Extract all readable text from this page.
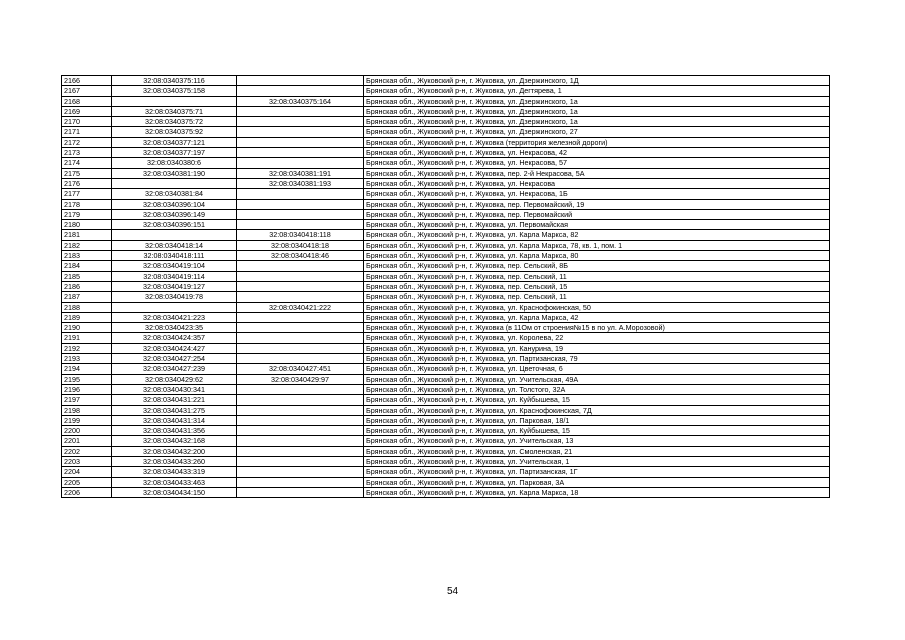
2166	32:08:0340375:116		Брянская обл., Жуковский р-н, г. Жуковка, ул. Дзержинского, 1Д
2167	32:08:0340375:158		Брянская обл., Жуковский р-н, г. Жуковка, ул. Дегтярева, 1
2168		32:08:0340375:164	Брянская обл., Жуковский р-н, г. Жуковка, ул. Дзержинского, 1а
2169	32:08:0340375:71		Брянская обл., Жуковский р-н, г. Жуковка, ул. Дзержинского, 1а
2170	32:08:0340375:72		Брянская обл., Жуковский р-н, г. Жуковка, ул. Дзержинского, 1а
2171	32:08:0340375:92		Брянская обл., Жуковский р-н, г. Жуковка, ул. Дзержинского, 27
2172	32:08:0340377:121		Брянская обл., Жуковский р-н, г. Жуковка (территория железной дороги)
2173	32:08:0340377:197		Брянская обл., Жуковский р-н, г. Жуковка, ул. Некрасова, 42
2174	32:08:0340380:6		Брянская обл., Жуковский р-н, г. Жуковка, ул. Некрасова, 57
2175	32:08:0340381:190	32:08:0340381:191	Брянская обл., Жуковский р-н, г. Жуковка, пер. 2-й Некрасова, 5А
2176		32:08:0340381:193	Брянская обл., Жуковский р-н, г. Жуковка, ул. Некрасова
2177	32:08:0340381:84		Брянская обл., Жуковский р-н, г. Жуковка, ул. Некрасова, 1Б
2178	32:08:0340396:104		Брянская обл., Жуковский р-н, г. Жуковка, пер. Первомайский, 19
2179	32:08:0340396:149		Брянская обл., Жуковский р-н, г. Жуковка, пер. Первомайский
2180	32:08:0340396:151		Брянская обл., Жуковский р-н, г. Жуковка, ул. Первомайская
2181		32:08:0340418:118	Брянская обл., Жуковский р-н, г. Жуковка, ул. Карла Маркса, 82
2182	32:08:0340418:14	32:08:0340418:18	Брянская обл., Жуковский р-н, г. Жуковка, ул. Карла Маркса, 78, кв. 1, пом. 1
2183	32:08:0340418:111	32:08:0340418:46	Брянская обл., Жуковский р-н, г. Жуковка, ул. Карла Маркса, 80
2184	32:08:0340419:104		Брянская обл., Жуковский р-н, г. Жуковка, пер. Сельский, 8Б
2185	32:08:0340419:114		Брянская обл., Жуковский р-н, г. Жуковка, пер. Сельский, 11
2186	32:08:0340419:127		Брянская обл., Жуковский р-н, г. Жуковка, пер. Сельский, 15
2187	32:08:0340419:78		Брянская обл., Жуковский р-н, г. Жуковка, пер. Сельский, 11
2188		32:08:0340421:222	Брянская обл., Жуковский р-н, г. Жуковка, ул. Краснофокинская, 50
2189	32:08:0340421:223		Брянская обл., Жуковский р-н, г. Жуковка, ул. Карла Маркса, 42
2190	32:08:0340423:35		Брянская обл., Жуковский р-н, г. Жуковка (в 11Ом от строения№15 в по ул. А.Морозовой)
2191	32:08:0340424:357		Брянская обл., Жуковский р-н, г. Жуковка, ул. Королева, 22
2192	32:08:0340424:427		Брянская обл., Жуковский р-н, г. Жуковка, ул. Канурина, 19
2193	32:08:0340427:254		Брянская обл., Жуковский р-н, г. Жуковка, ул. Партизанская, 79
2194	32:08:0340427:239	32:08:0340427:451	Брянская обл., Жуковский р-н, г. Жуковка, ул. Цветочная, 6
2195	32:08:0340429:62	32:08:0340429:97	Брянская обл., Жуковский р-н, г. Жуковка, ул. Учительская, 49А
2196	32:08:0340430:341		Брянская обл., Жуковский р-н, г. Жуковка, ул. Толстого, 32А
2197	32:08:0340431:221		Брянская обл., Жуковский р-н, г. Жуковка, ул. Куйбышева, 15
2198	32:08:0340431:275		Брянская обл., Жуковский р-н, г. Жуковка, ул. Краснофокинская, 7Д
2199	32:08:0340431:314		Брянская обл., Жуковский р-н, г. Жуковка, ул. Парковая, 18/1
2200	32:08:0340431:356		Брянская обл., Жуковский р-н, г. Жуковка, ул. Куйбышева, 15
2201	32:08:0340432:168		Брянская обл., Жуковский р-н, г. Жуковка, ул. Учительская, 13
2202	32:08:0340432:200		Брянская обл., Жуковский р-н, г. Жуковка, ул. Смоленская, 21
2203	32:08:0340433:260		Брянская обл., Жуковский р-н, г. Жуковка, ул. Учительская, 1
2204	32:08:0340433:319		Брянская обл., Жуковский р-н, г. Жуковка, ул. Партизанская, 1Г
2205	32:08:0340433:463		Брянская обл., Жуковский р-н, г. Жуковка, ул. Парковая, 3А
2206	32:08:0340434:150		Брянская обл., Жуковский р-н, г. Жуковка, ул. Карла Маркса, 18
54
